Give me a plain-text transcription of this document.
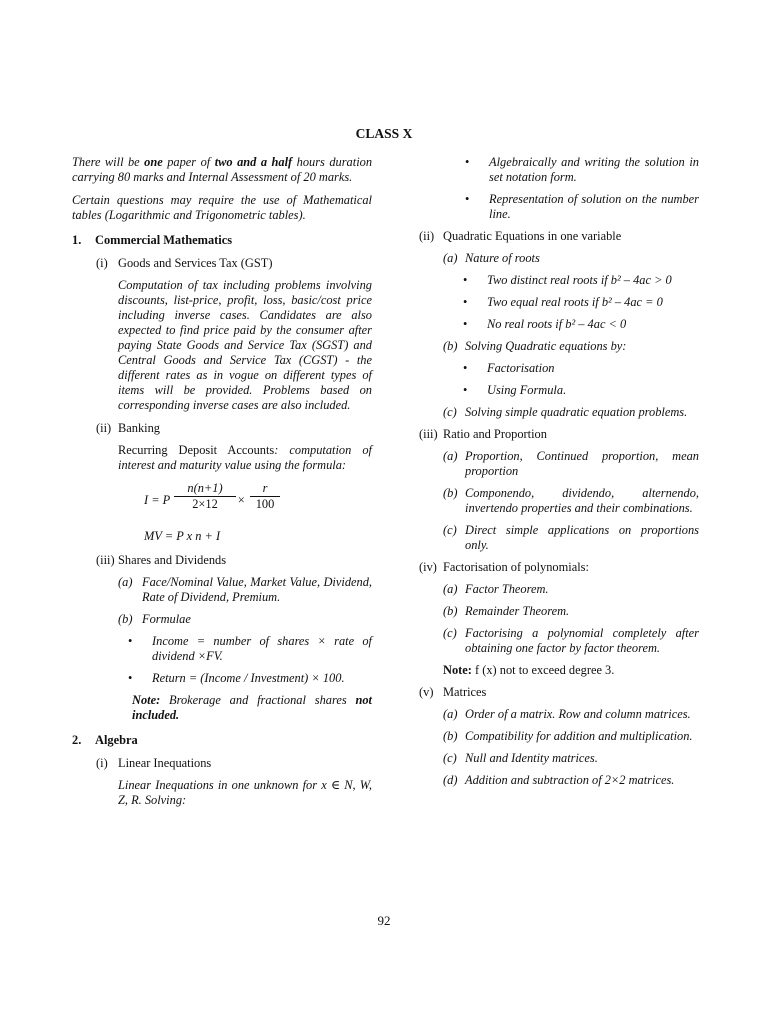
CLASS X

There will be one paper of two and a half hours duration carrying 80 marks and Internal Assessment of 20 marks.

Certain questions may require the use of Mathematical tables (Logarithmic and Trigonometric tables).

1.	Commercial Mathematics
(i) Goods and Services Tax (GST)

Computation of tax including problems involving discounts, list-price, profit, loss, basic/cost price including inverse cases. Candidates are also expected to find price paid by the consumer after paying State Goods and Service Tax (SGST) and Central Goods and Service Tax (CGST) - the different rates as in vogue on different types of items will be provided. Problems based on corresponding inverse cases are also included.

(ii) Banking

Recurring Deposit Accounts: computation of interest and maturity value using the formula:

I = P
n(n+1)
2×12	×
r
100

MV = P x n + I

(iii) Shares and Dividends
(a) Face/Nominal Value, Market Value, Dividend, Rate of Dividend, Premium.
(b) Formulae
•	Income = number of shares × rate of dividend ×FV.
•	Return = (Income / Investment) × 100.

Note: Brokerage and fractional shares not included.

2.	Algebra
(i) Linear Inequations

Linear Inequations in one unknown for x ∈ N, W, Z, R. Solving:

•	Algebraically and writing the solution in set notation form.
•	Representation of solution on the number line.
(ii) Quadratic Equations in one variable
(a) Nature of roots
•	Two distinct real roots if b² – 4ac > 0
•	Two equal real roots if b² – 4ac = 0
•	No real roots if b² – 4ac < 0
(b) Solving Quadratic equations by:
•	Factorisation
•	Using Formula.
(c) Solving simple quadratic equation problems.
(iii) Ratio and Proportion
(a) Proportion, Continued proportion, mean proportion
(b) Componendo, dividendo, alternendo, invertendo properties and their combinations.
(c) Direct simple applications on proportions only.
(iv) Factorisation of polynomials:
(a) Factor Theorem.
(b) Remainder Theorem.
(c) Factorising a polynomial completely after obtaining one factor by factor theorem.

Note: f (x) not to exceed degree 3.

(v) Matrices
(a) Order of a matrix. Row and column matrices.
(b) Compatibility for addition and multiplication.
(c) Null and Identity matrices.
(d) Addition and subtraction of 2×2 matrices.
92
